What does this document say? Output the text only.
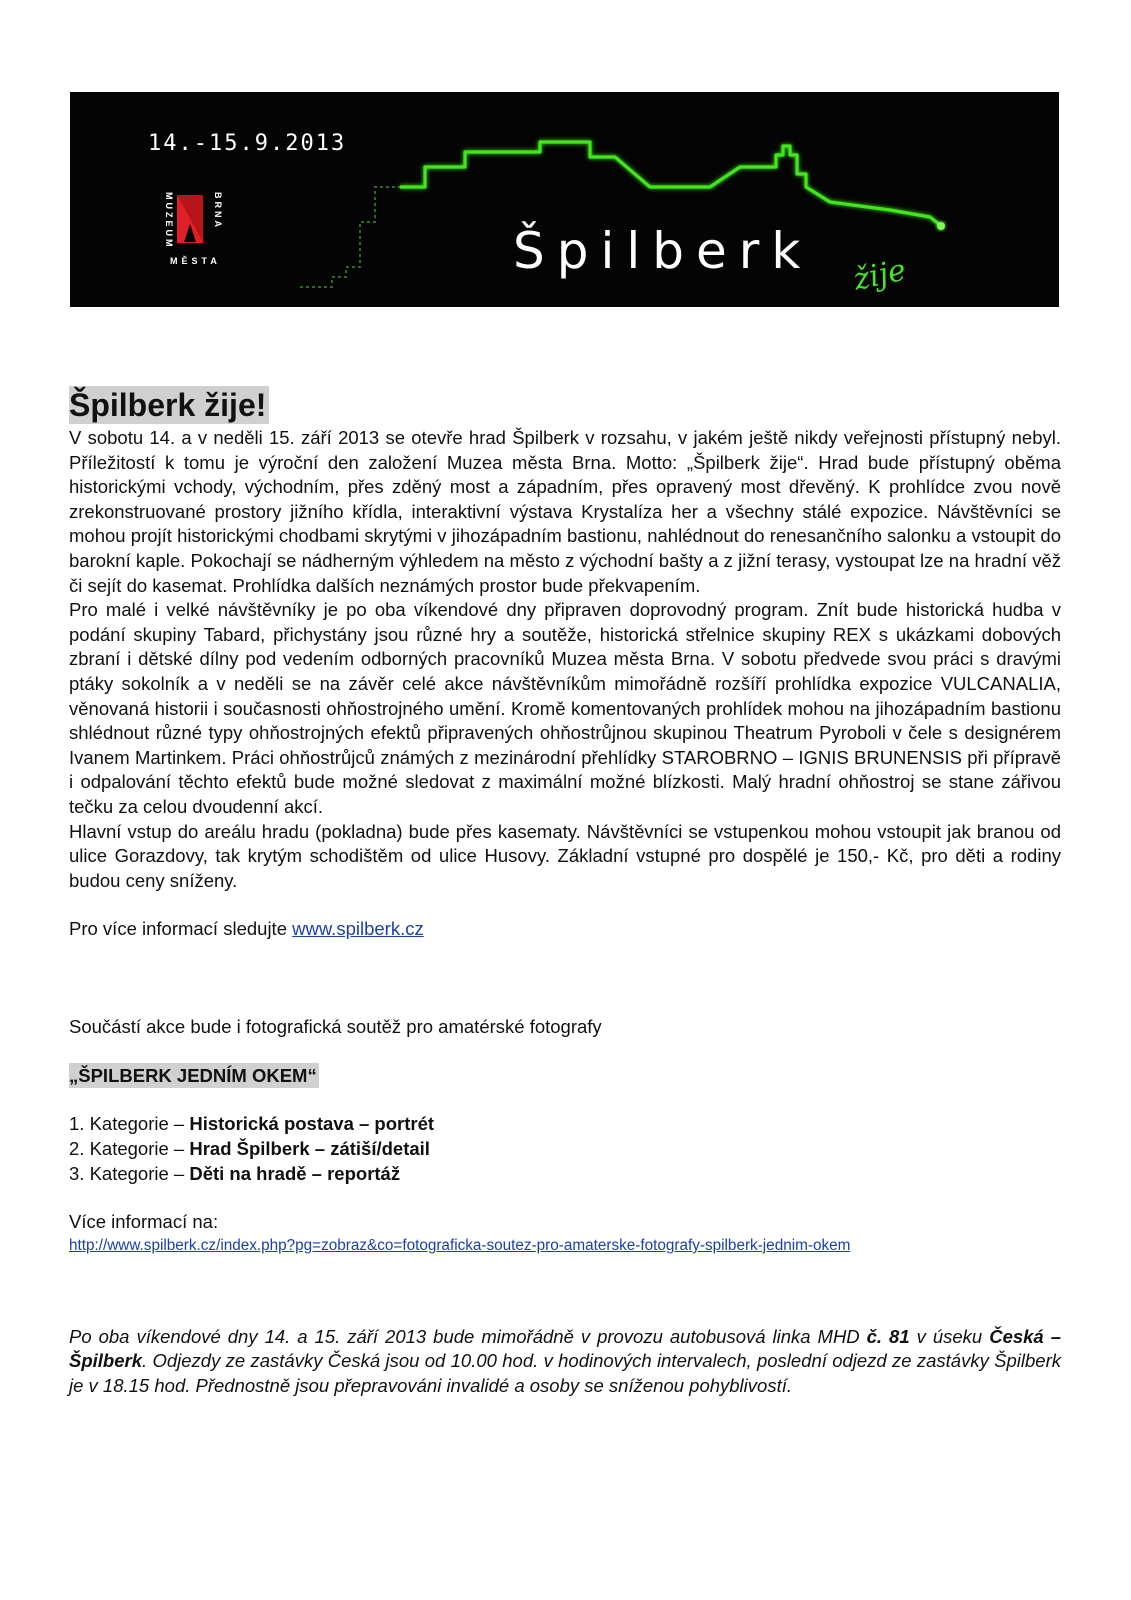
MUZEUM	BRNA
MĚSTA
14.-15.9.2013
Špilberk žije
Špilberk žije!

V sobotu 14. a v neděli 15. září 2013 se otevře hrad Špilberk v rozsahu, v jakém ještě nikdy veřejnosti přístupný nebyl. Příležitostí k tomu je výroční den založení Muzea města Brna. Motto: „Špilberk žije“. Hrad bude přístupný oběma historickými vchody, východním, přes zděný most a západním, přes opravený most dřevěný. K prohlídce zvou nově zrekonstruované prostory jižního křídla, interaktivní výstava Krystalíza her a všechny stálé expozice. Návštěvníci se mohou projít historickými chodbami skrytými v jihozápadním bastionu, nahlédnout do renesančního salonku a vstoupit do barokní kaple. Pokochají se nádherným výhledem na město z východní bašty a z jižní terasy, vystoupat lze na hradní věž či sejít do kasemat. Prohlídka dalších neznámých prostor bude překvapením.

Pro malé i velké návštěvníky je po oba víkendové dny připraven doprovodný program. Znít bude historická hudba v podání skupiny Tabard, přichystány jsou různé hry a soutěže, historická střelnice skupiny REX s ukázkami dobových zbraní i dětské dílny pod vedením odborných pracovníků Muzea města Brna. V sobotu předvede svou práci s dravými ptáky sokolník a v neděli se na závěr celé akce návštěvníkům mimořádně rozšíří prohlídka expozice VULCANALIA, věnovaná historii i současnosti ohňostrojného umění. Kromě komentovaných prohlídek mohou na jihozápadním bastionu shlédnout různé typy ohňostrojných efektů připravených ohňostrůjnou skupinou Theatrum Pyroboli v čele s designérem Ivanem Martinkem. Práci ohňostrůjců známých z mezinárodní přehlídky STAROBRNO – IGNIS BRUNENSIS při přípravě i odpalování těchto efektů bude možné sledovat z maximální možné blízkosti. Malý hradní ohňostroj se stane zářivou tečku za celou dvoudenní akcí.

Hlavní vstup do areálu hradu (pokladna) bude přes kasematy. Návštěvníci se vstupenkou mohou vstoupit jak branou od ulice Gorazdovy, tak krytým schodištěm od ulice Husovy. Základní vstupné pro dospělé je 150,- Kč, pro děti a rodiny budou ceny sníženy.

Pro více informací sledujte www.spilberk.cz

Součástí akce bude i fotografická soutěž pro amatérské fotografy

„ŠPILBERK JEDNÍM OKEM“
1. Kategorie – Historická postava – portrét
2. Kategorie – Hrad Špilberk – zátiší/detail
3. Kategorie – Děti na hradě – reportáž

Více informací na:

http://www.spilberk.cz/index.php?pg=zobraz&co=fotograficka-soutez-pro-amaterske-fotografy-spilberk-jednim-okem

Po oba víkendové dny 14. a 15. září 2013 bude mimořádně v provozu autobusová linka MHD č. 81 v úseku Česká – Špilberk. Odjezdy ze zastávky Česká jsou od 10.00 hod. v hodinových intervalech, poslední odjezd ze zastávky Špilberk je v 18.15 hod. Přednostně jsou přepravováni invalidé a osoby se sníženou pohyblivostí.
